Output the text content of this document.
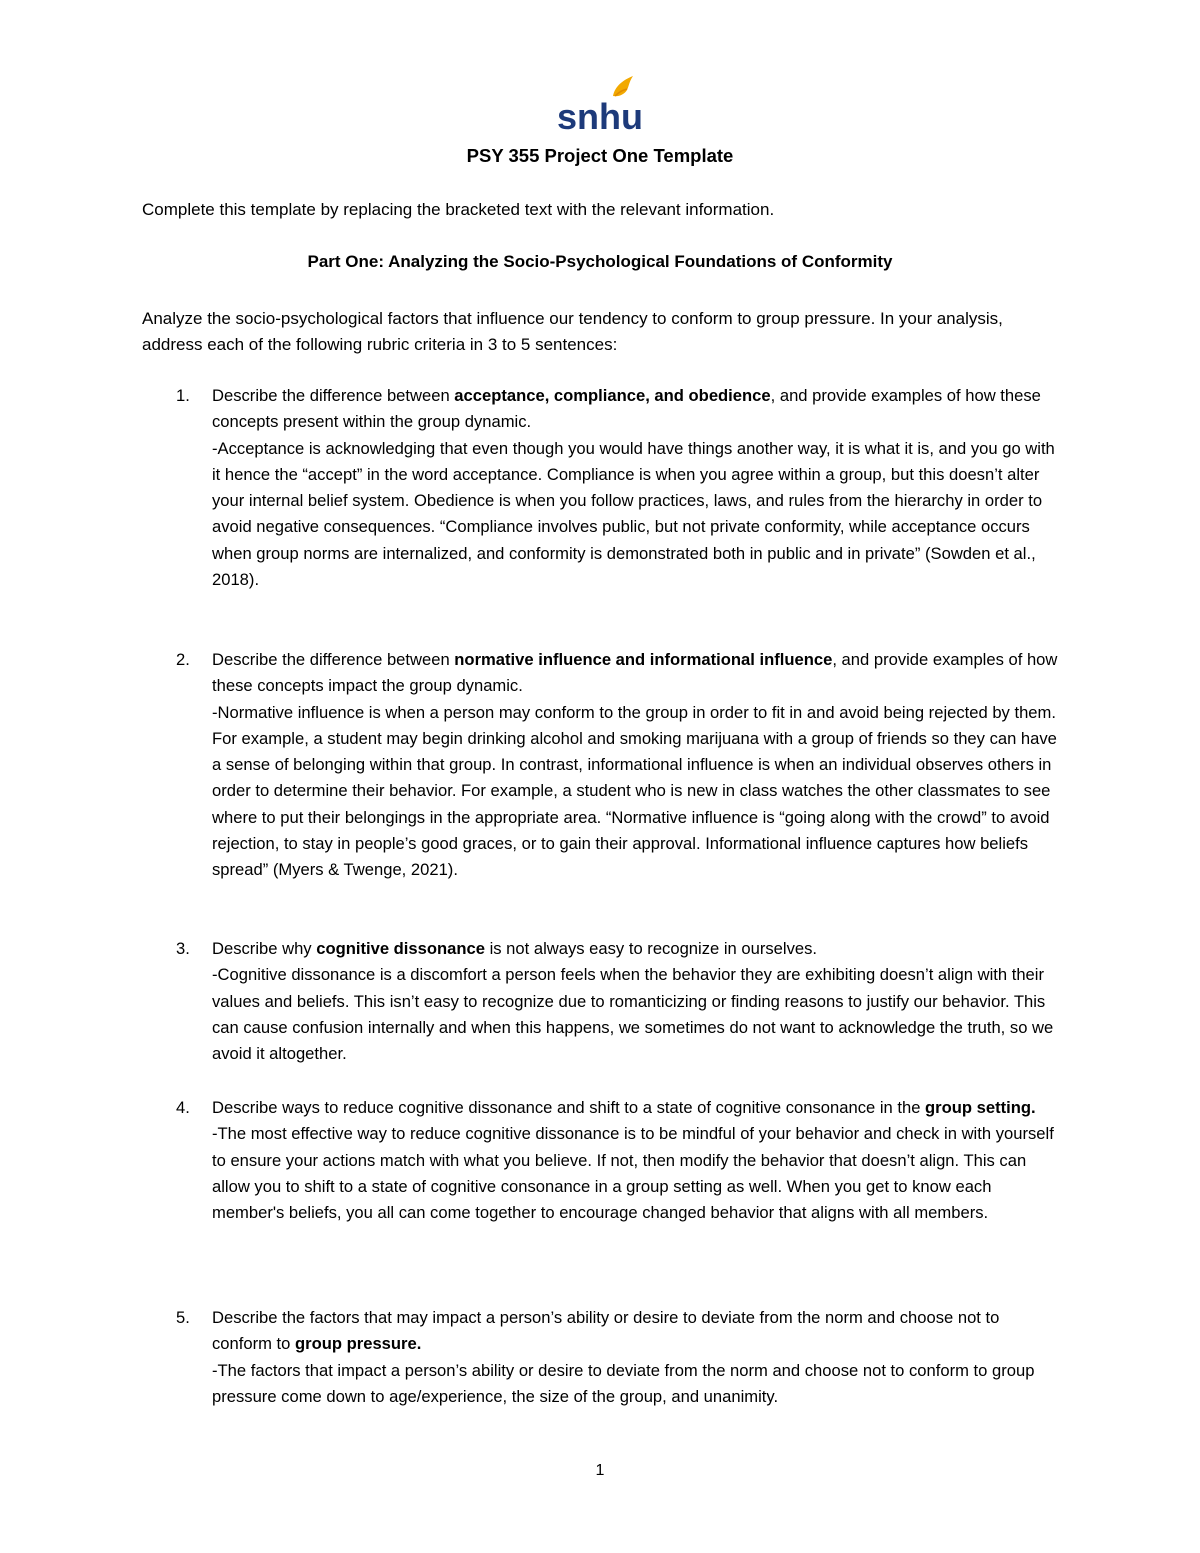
snhu
PSY 355 Project One Template
Complete this template by replacing the bracketed text with the relevant information.
Part One: Analyzing the Socio-Psychological Foundations of Conformity
Analyze the socio-psychological factors that influence our tendency to conform to group pressure. In your analysis, address each of the following rubric criteria in 3 to 5 sentences:
1.	Describe the difference between acceptance, compliance, and obedience, and provide examples of how these concepts present within the group dynamic.
-Acceptance is acknowledging that even though you would have things another way, it is what it is, and you go with it hence the “accept” in the word acceptance. Compliance is when you agree within a group, but this doesn’t alter your internal belief system. Obedience is when you follow practices, laws, and rules from the hierarchy in order to avoid negative consequences. “Compliance involves public, but not private conformity, while acceptance occurs when group norms are internalized, and conformity is demonstrated both in public and in private” (Sowden et al., 2018).
2.	Describe the difference between normative influence and informational influence, and provide examples of how these concepts impact the group dynamic.
-Normative influence is when a person may conform to the group in order to fit in and avoid being rejected by them. For example, a student may begin drinking alcohol and smoking marijuana with a group of friends so they can have a sense of belonging within that group. In contrast, informational influence is when an individual observes others in order to determine their behavior. For example, a student who is new in class watches the other classmates to see where to put their belongings in the appropriate area. “Normative influence is “going along with the crowd” to avoid rejection, to stay in people’s good graces, or to gain their approval. Informational influence captures how beliefs spread” (Myers & Twenge, 2021).
3.	Describe why cognitive dissonance is not always easy to recognize in ourselves.
-Cognitive dissonance is a discomfort a person feels when the behavior they are exhibiting doesn’t align with their values and beliefs. This isn’t easy to recognize due to romanticizing or finding reasons to justify our behavior. This can cause confusion internally and when this happens, we sometimes do not want to acknowledge the truth, so we avoid it altogether.
4.	Describe ways to reduce cognitive dissonance and shift to a state of cognitive consonance in the group setting.
-The most effective way to reduce cognitive dissonance is to be mindful of your behavior and check in with yourself to ensure your actions match with what you believe. If not, then modify the behavior that doesn’t align. This can allow you to shift to a state of cognitive consonance in a group setting as well. When you get to know each member's beliefs, you all can come together to encourage changed behavior that aligns with all members.
5.	Describe the factors that may impact a person’s ability or desire to deviate from the norm and choose not to conform to group pressure.
-The factors that impact a person’s ability or desire to deviate from the norm and choose not to conform to group pressure come down to age/experience, the size of the group, and unanimity.
1
